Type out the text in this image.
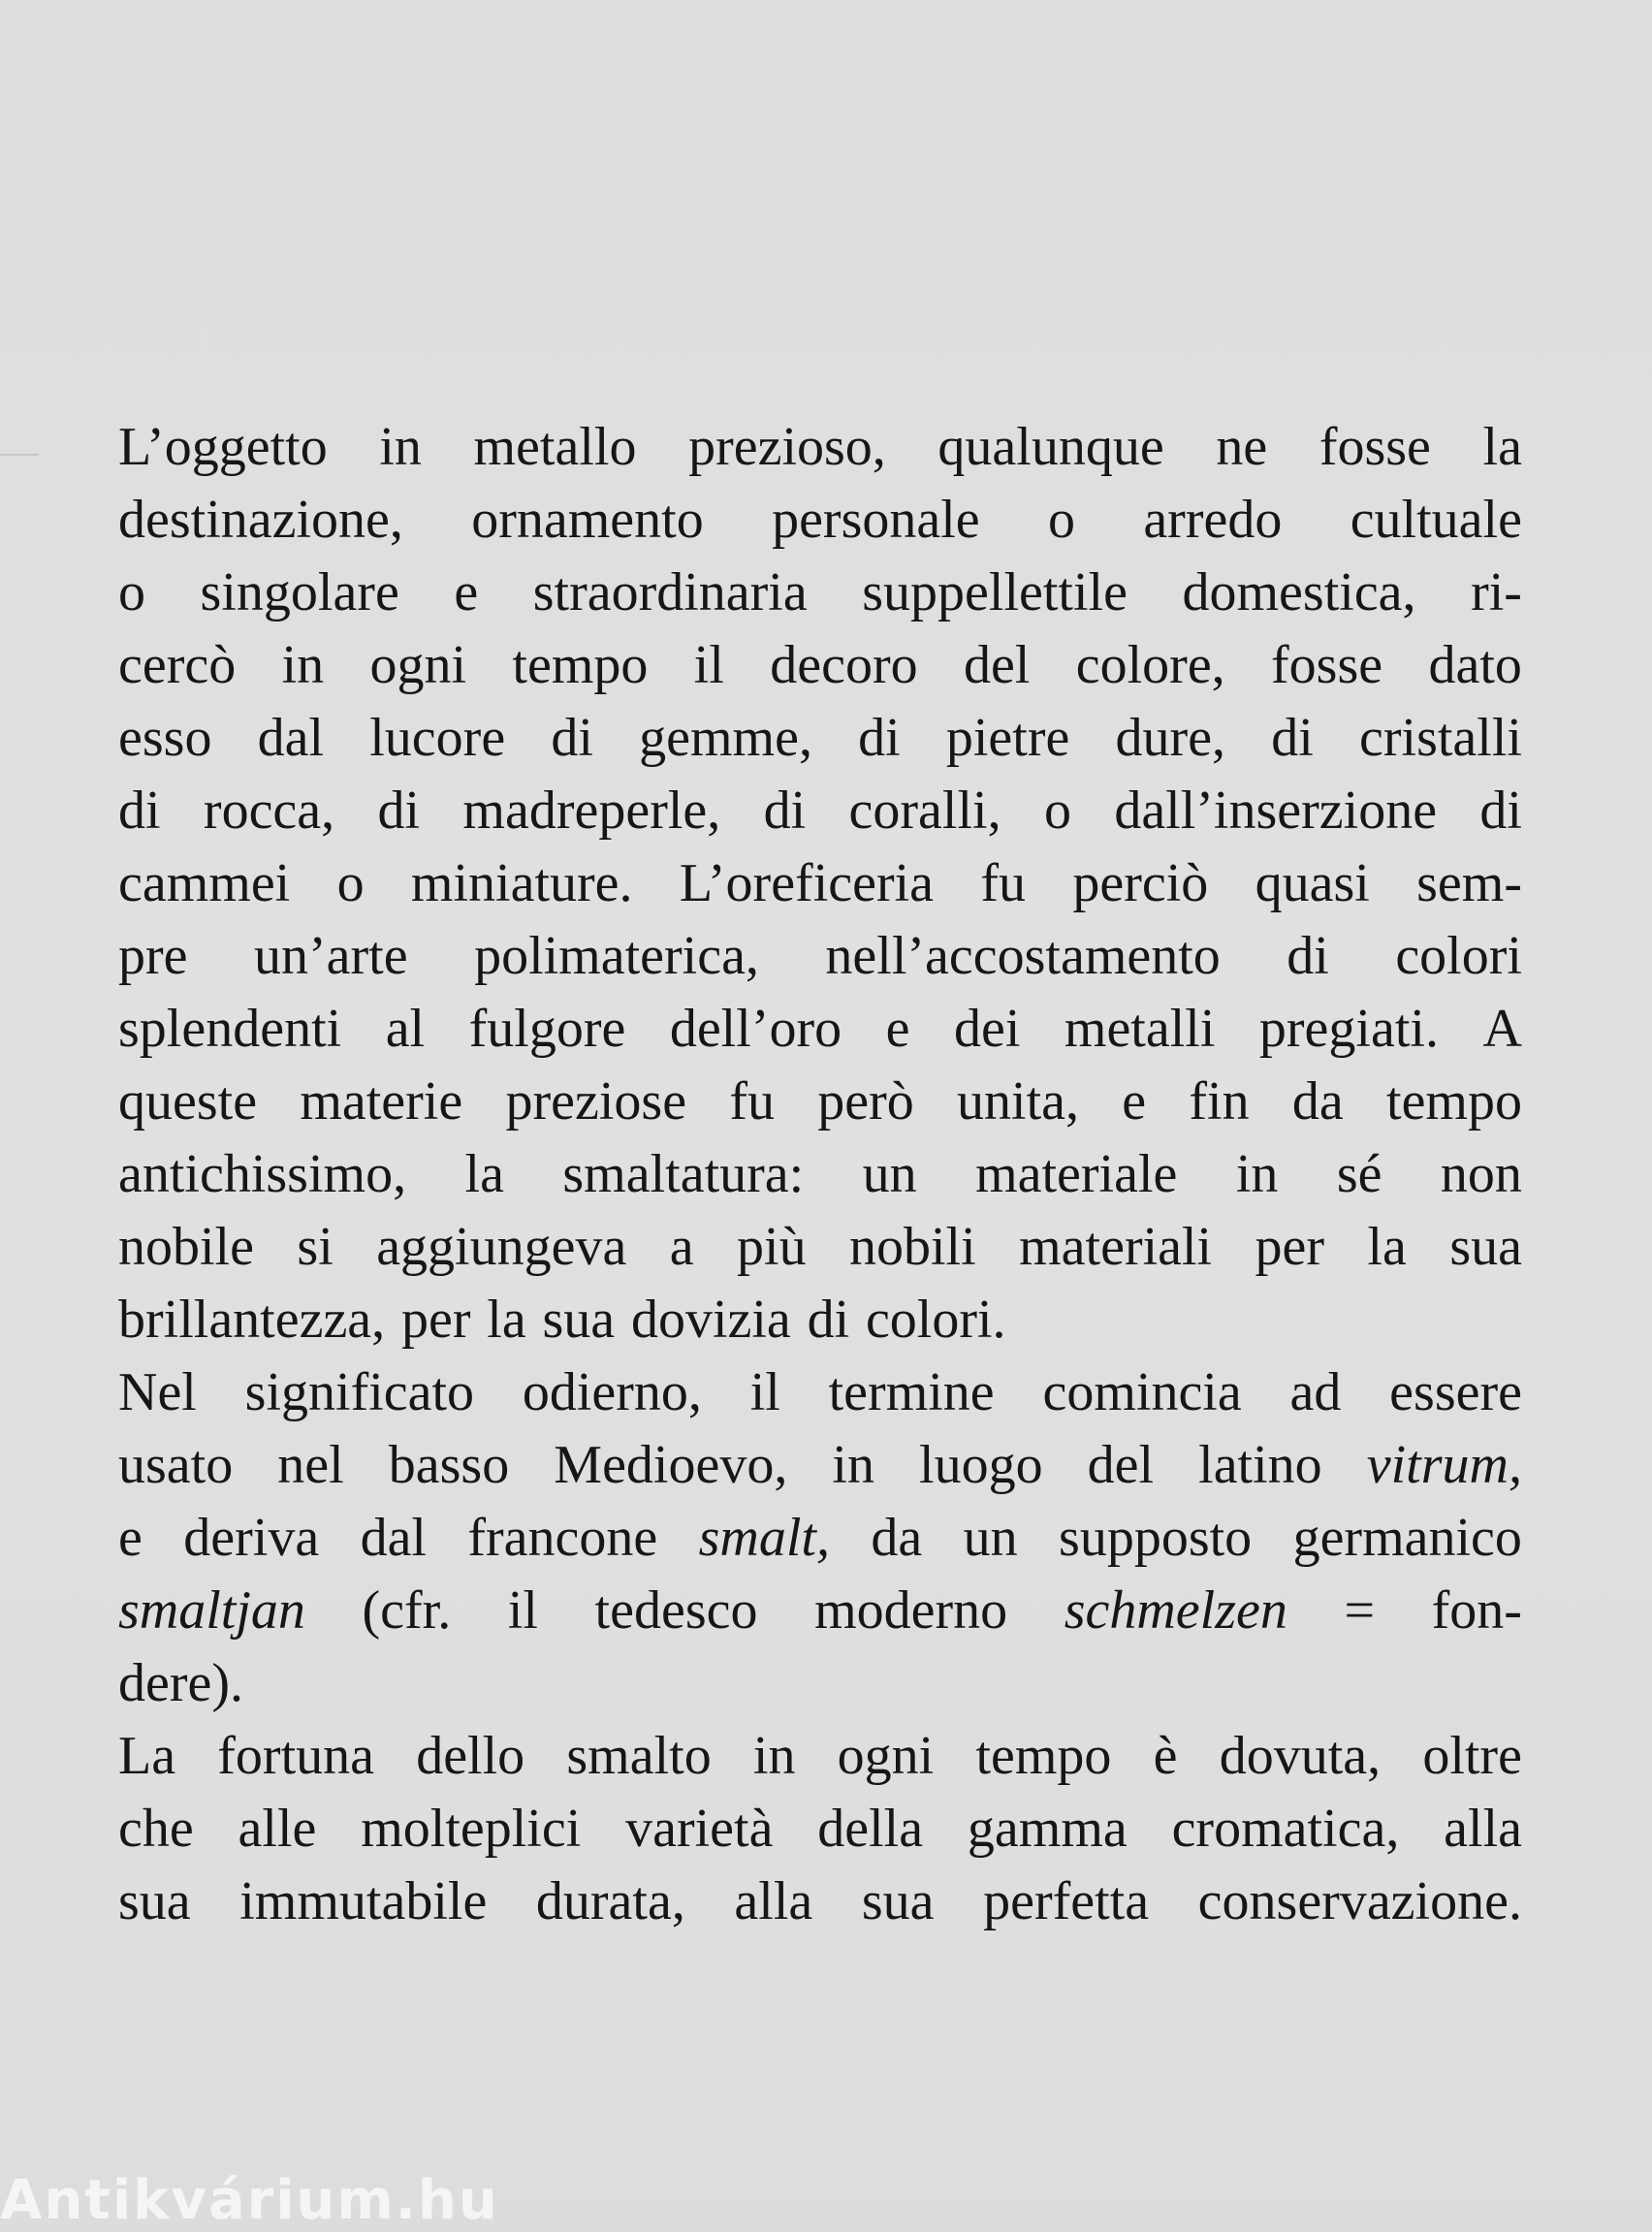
L’oggetto in metallo prezioso, qualunque ne fosse la
destinazione, ornamento personale o arredo cultuale
o singolare e straordinaria suppellettile domestica, ri-
cercò in ogni tempo il decoro del colore, fosse dato
esso dal lucore di gemme, di pietre dure, di cristalli
di rocca, di madreperle, di coralli, o dall’inserzione di
cammei o miniature. L’oreficeria fu perciò quasi sem-
pre un’arte polimaterica, nell’accostamento di colori
splendenti al fulgore dell’oro e dei metalli pregiati. A
queste materie preziose fu però unita, e fin da tempo
antichissimo, la smaltatura: un materiale in sé non
nobile si aggiungeva a più nobili materiali per la sua
brillantezza, per la sua dovizia di colori.
Nel significato odierno, il termine comincia ad essere
usato nel basso Medioevo, in luogo del latino vitrum,
e deriva dal francone smalt, da un supposto germanico
smaltjan (cfr. il tedesco moderno schmelzen = fon-
dere).
La fortuna dello smalto in ogni tempo è dovuta, oltre
che alle molteplici varietà della gamma cromatica, alla
sua immutabile durata, alla sua perfetta conservazione.
Antikvárium.hu
